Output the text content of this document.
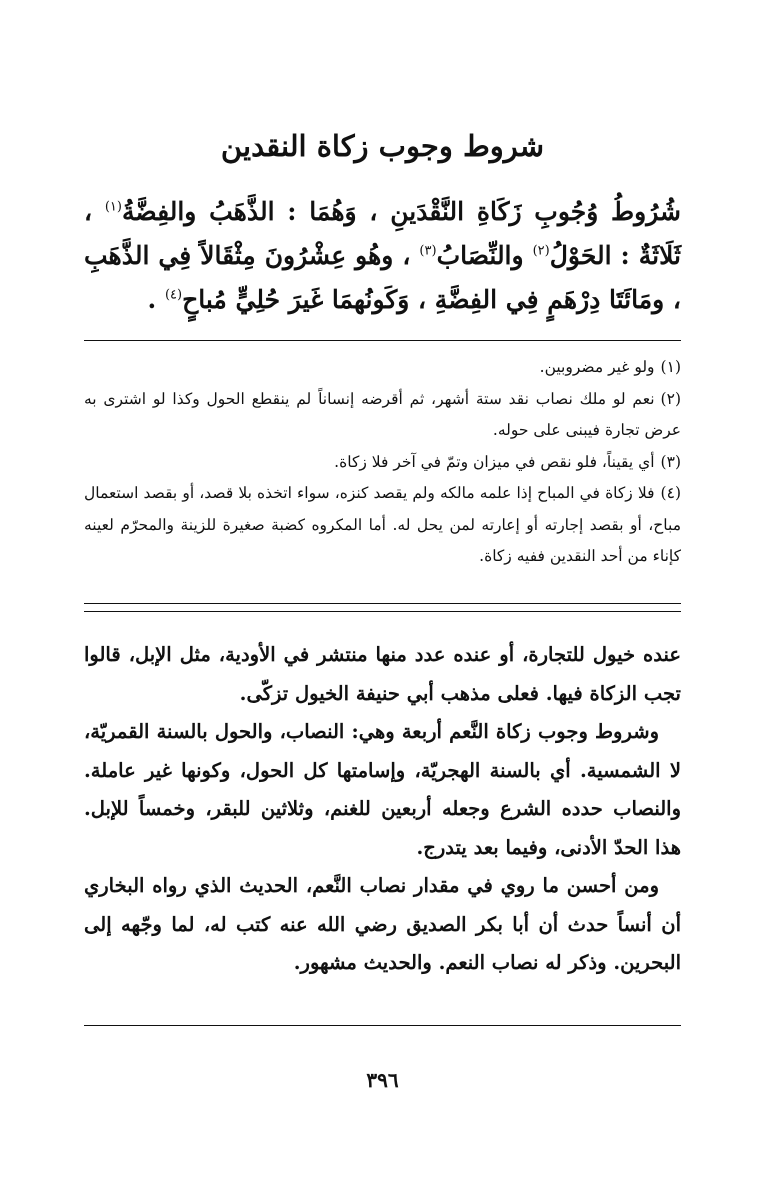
شروط وجوب زكاة النقدين
شُرُوطُ وُجُوبِ زَكَاةِ النَّقْدَينِ ، وَهُمَا : الذَّهَبُ والفِضَّةُ$^{(١)}$ ، ثَلَاثَةٌ : الحَوْلُ$^{(٢)}$ والنِّصَابُ$^{(٣)}$ ، وهُو عِشْرُونَ مِثْقَالاً فِي الذَّهَبِ ، ومَائَتَا دِرْهَمٍ فِي الفِضَّةِ ، وَكَونُهمَا غَيرَ حُلِيٍّ مُباحٍ$^{(٤)}$ .
(١)ولو غير مضروبين.
(٢)نعم لو ملك نصاب نقد ستة أشهر، ثم أقرضه إنساناً لم ينقطع الحول وكذا لو اشترى به عرض تجارة فيبنى على حوله.
(٣)أي يقيناً، فلو نقص في ميزان وتمّ في آخر فلا زكاة.
(٤)فلا زكاة في المباح إذا علمه مالكه ولم يقصد كنزه، سواء اتخذه بلا قصد، أو بقصد استعمال مباح، أو بقصد إجارته أو إعارته لمن يحل له. أما المكروه كضبة صغيرة للزينة والمحرّم لعينه كإناء من أحد النقدين ففيه زكاة.

عنده خيول للتجارة، أو عنده عدد منها منتشر في الأودية، مثل الإبل، قالوا تجب الزكاة فيها. فعلى مذهب أبي حنيفة الخيول تزكّى.

وشروط وجوب زكاة النَّعم أربعة وهي: النصاب، والحول بالسنة القمريّة، لا الشمسية. أي بالسنة الهجريّة، وإسامتها كل الحول، وكونها غير عاملة. والنصاب حدده الشرع وجعله أربعين للغنم، وثلاثين للبقر، وخمساً للإبل. هذا الحدّ الأدنى، وفيما بعد يتدرج.

ومن أحسن ما روي في مقدار نصاب النَّعم، الحديث الذي رواه البخاري أن أنساً حدث أن أبا بكر الصديق رضي الله عنه كتب له، لما وجّهه إلى البحرين. وذكر له نصاب النعم. والحديث مشهور.

٣٩٦
